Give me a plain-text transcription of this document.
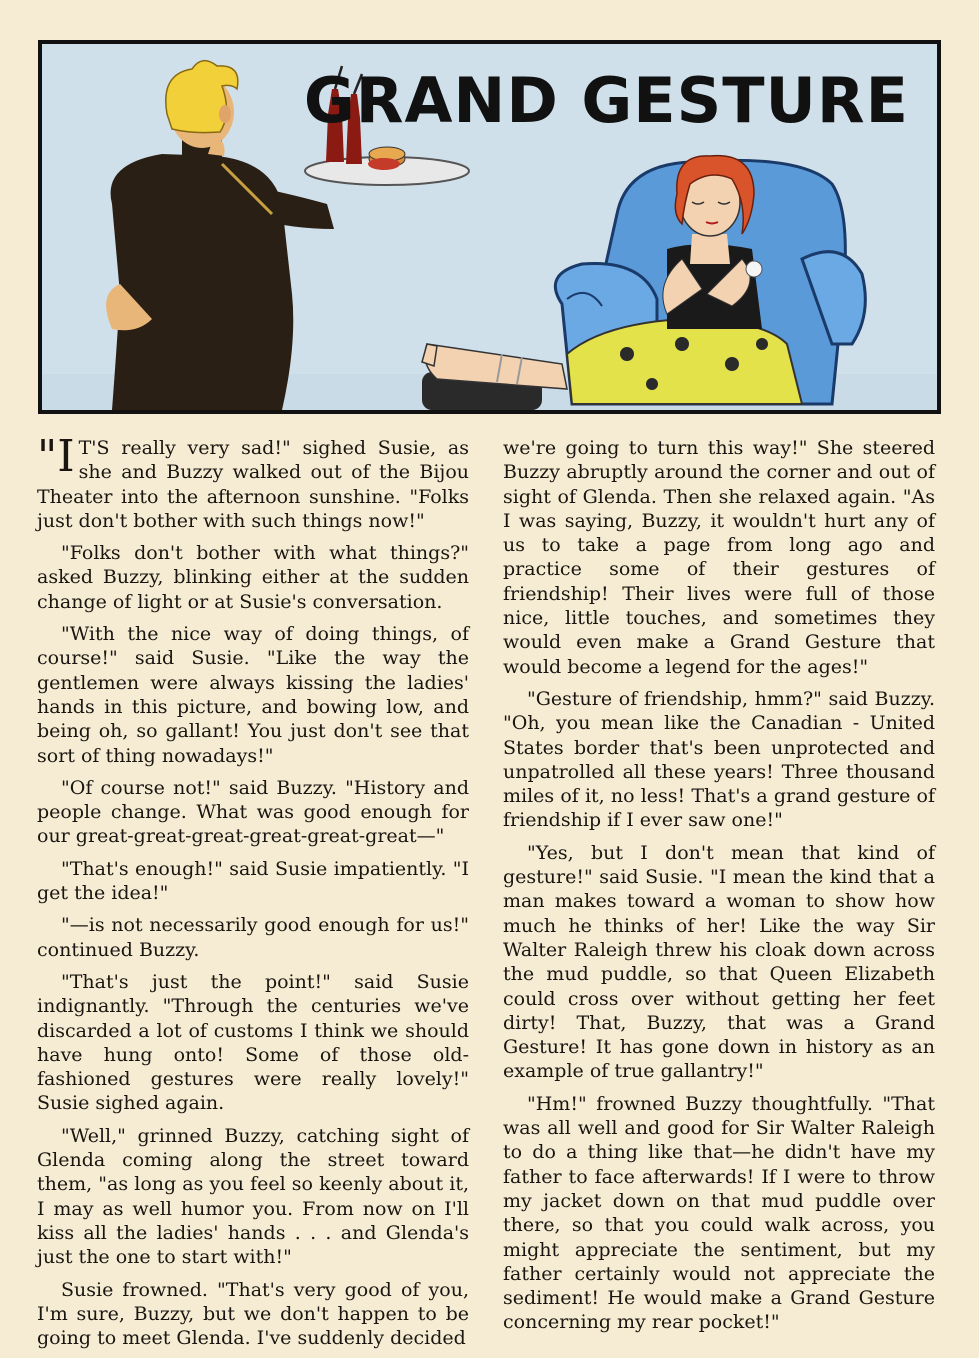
GRAND GESTURE

"I T'S really very sad!" sighed Susie, as she and Buzzy walked out of the Bijou Theater into the afternoon sunshine. "Folks just don't bother with such things now!"

"Folks don't bother with what things?" asked Buzzy, blinking either at the sudden change of light or at Susie's conversation.

"With the nice way of doing things, of course!" said Susie. "Like the way the gentlemen were always kissing the ladies' hands in this picture, and bowing low, and being oh, so gallant! You just don't see that sort of thing nowadays!"

"Of course not!" said Buzzy. "History and people change. What was good enough for our great-great-great-great-great-great—"

"That's enough!" said Susie impatiently. "I get the idea!"

"—is not necessarily good enough for us!" continued Buzzy.

"That's just the point!" said Susie indignantly. "Through the centuries we've discarded a lot of customs I think we should have hung onto! Some of those old-fashioned gestures were really lovely!" Susie sighed again.

"Well," grinned Buzzy, catching sight of Glenda coming along the street toward them, "as long as you feel so keenly about it, I may as well humor you. From now on I'll kiss all the ladies' hands . . . and Glenda's just the one to start with!"

Susie frowned. "That's very good of you, I'm sure, Buzzy, but we don't happen to be going to meet Glenda. I've suddenly decided

we're going to turn this way!" She steered Buzzy abruptly around the corner and out of sight of Glenda. Then she relaxed again. "As I was saying, Buzzy, it wouldn't hurt any of us to take a page from long ago and practice some of their gestures of friendship! Their lives were full of those nice, little touches, and sometimes they would even make a Grand Gesture that would become a legend for the ages!"

"Gesture of friendship, hmm?" said Buzzy. "Oh, you mean like the Canadian - United States border that's been unprotected and unpatrolled all these years! Three thousand miles of it, no less! That's a grand gesture of friendship if I ever saw one!"

"Yes, but I don't mean that kind of gesture!" said Susie. "I mean the kind that a man makes toward a woman to show how much he thinks of her! Like the way Sir Walter Raleigh threw his cloak down across the mud puddle, so that Queen Elizabeth could cross over without getting her feet dirty! That, Buzzy, that was a Grand Gesture! It has gone down in history as an example of true gallantry!"

"Hm!" frowned Buzzy thoughtfully. "That was all well and good for Sir Walter Raleigh to do a thing like that—he didn't have my father to face afterwards! If I were to throw my jacket down on that mud puddle over there, so that you could walk across, you might appreciate the sentiment, but my father certainly would not appreciate the sediment! He would make a Grand Gesture concerning my rear pocket!"
